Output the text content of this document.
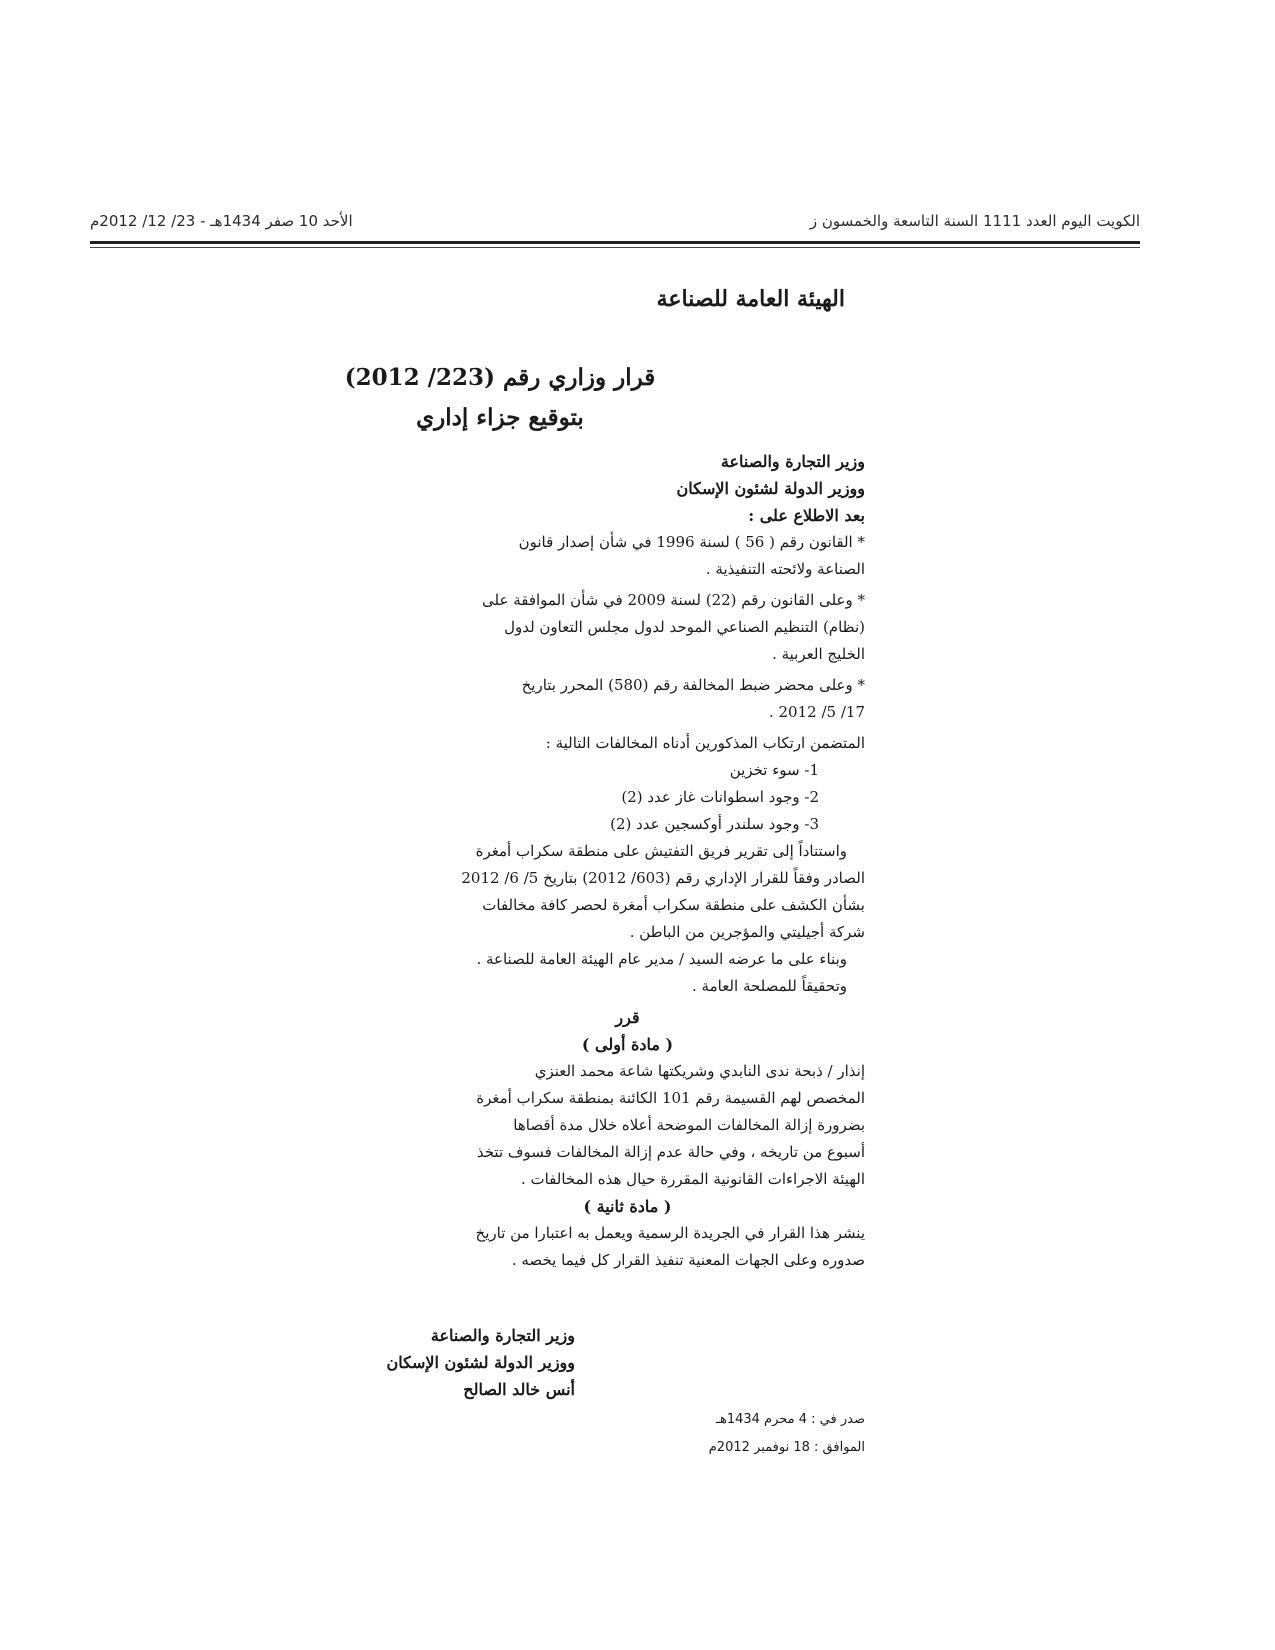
الكويت اليوم العدد 1111 السنة التاسعة والخمسون ز
الأحد 10 صفر 1434هـ - 23/ 12/ 2012م
الهيئة العامة للصناعة
قرار وزاري رقم (223/ 2012)
بتوقيع جزاء إداري
وزير التجارة والصناعة
ووزير الدولة لشئون الإسكان
بعد الاطلاع على :
* القانون رقم ( 56 ) لسنة 1996 في شأن إصدار قانون
الصناعة ولائحته التنفيذية .
* وعلى القانون رقم (22) لسنة 2009 في شأن الموافقة على
(نظام) التنظيم الصناعي الموحد لدول مجلس التعاون لدول
الخليج العربية .
* وعلى محضر ضبط المخالفة رقم (580) المحرر بتاريخ
17/ 5/ 2012 .
المتضمن ارتكاب المذكورين أدناه المخالفات التالية :
1- سوء تخزين
2- وجود اسطوانات غاز عدد (2)
3- وجود سلندر أوكسجين عدد (2)
واستناداً إلى تقرير فريق التفتيش على منطقة سكراب أمغرة
الصادر وفقاً للقرار الإداري رقم (603/ 2012) بتاريخ 5/ 6/ 2012
بشأن الكشف على منطقة سكراب أمغرة لحصر كافة مخالفات
شركة أجيليتي والمؤجرين من الباطن .
وبناء على ما عرضه السيد / مدير عام الهيئة العامة للصناعة .
وتحقيقاً للمصلحة العامة .
قرر
( مادة أولى )
إنذار / ذبحة ندى النابدي وشريكتها شاعة محمد العنزي
المخصص لهم القسيمة رقم 101 الكائنة بمنطقة سكراب أمغرة
بضرورة إزالة المخالفات الموضحة أعلاه خلال مدة أقصاها
أسبوع من تاريخه ، وفي حالة عدم إزالة المخالفات فسوف تتخذ
الهيئة الاجراءات القانونية المقررة حيال هذه المخالفات .
( مادة ثانية )
ينشر هذا القرار في الجريدة الرسمية ويعمل به اعتبارا من تاريخ
صدوره وعلى الجهات المعنية تنفيذ القرار كل فيما يخصه .
وزير التجارة والصناعة
ووزير الدولة لشئون الإسكان
أنس خالد الصالح
صدر في : 4 محرم 1434هـ
الموافق : 18 نوفمبر 2012م
